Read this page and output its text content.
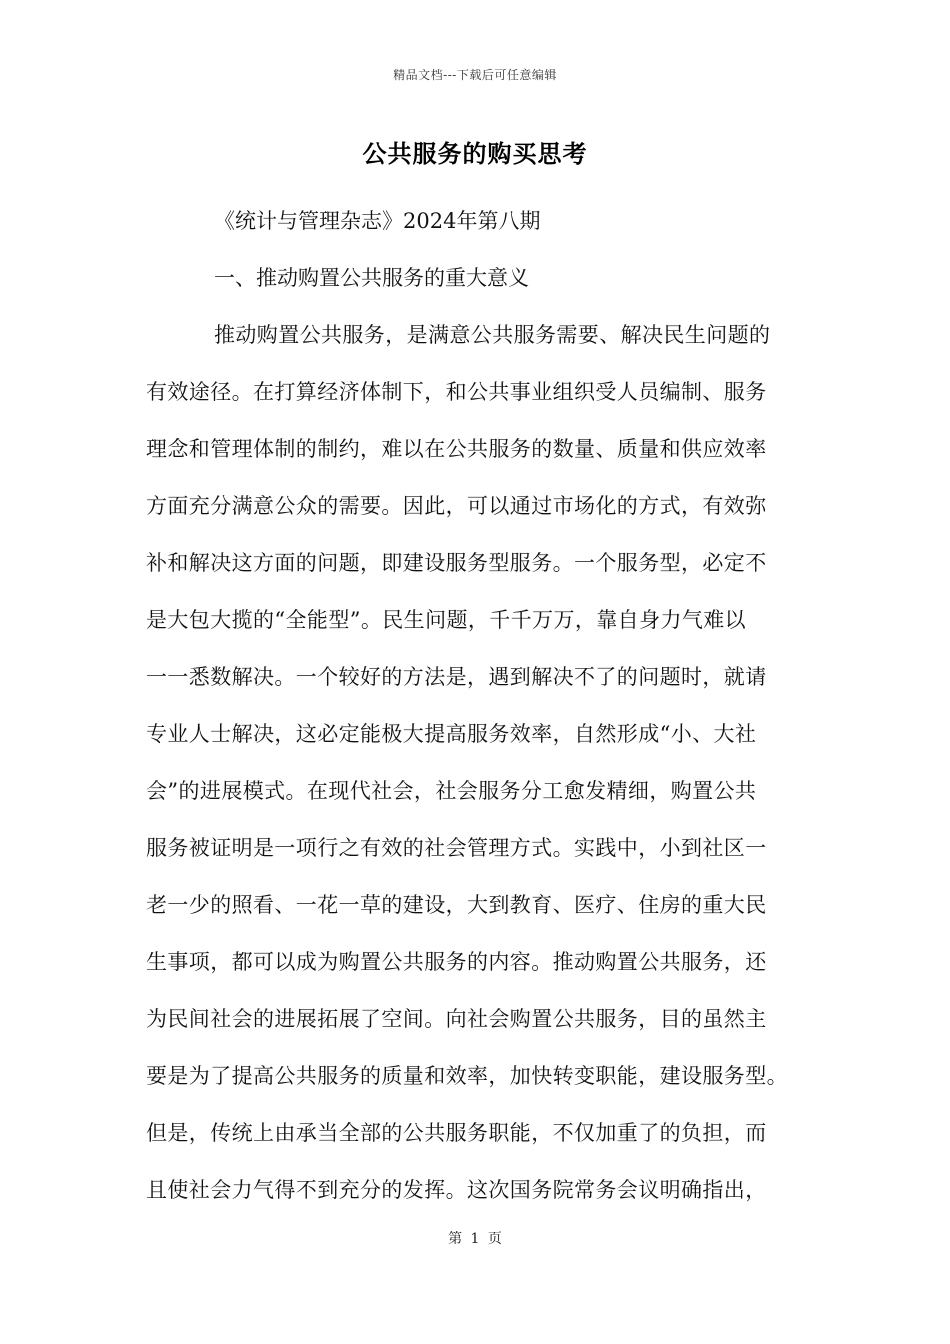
精品文档---下载后可任意编辑
公共服务的购买思考
《统计与管理杂志》2024年第八期
一、推动购置公共服务的重大意义
推动购置公共服务，是满意公共服务需要、解决民生问题的
有效途径。在打算经济体制下，和公共事业组织受人员编制、服务
理念和管理体制的制约，难以在公共服务的数量、质量和供应效率
方面充分满意公众的需要。因此，可以通过市场化的方式，有效弥
补和解决这方面的问题，即建设服务型服务。一个服务型，必定不
是大包大揽的“全能型”。民生问题，千千万万，靠自身力气难以
一一悉数解决。一个较好的方法是，遇到解决不了的问题时，就请
专业人士解决，这必定能极大提高服务效率，自然形成“小、大社
会”的进展模式。在现代社会，社会服务分工愈发精细，购置公共
服务被证明是一项行之有效的社会管理方式。实践中，小到社区一
老一少的照看、一花一草的建设，大到教育、医疗、住房的重大民
生事项，都可以成为购置公共服务的内容。推动购置公共服务，还
为民间社会的进展拓展了空间。向社会购置公共服务，目的虽然主
要是为了提高公共服务的质量和效率，加快转变职能，建设服务型。
但是，传统上由承当全部的公共服务职能，不仅加重了的负担，而
且使社会力气得不到充分的发挥。这次国务院常务会议明确指出，
第 1 页
